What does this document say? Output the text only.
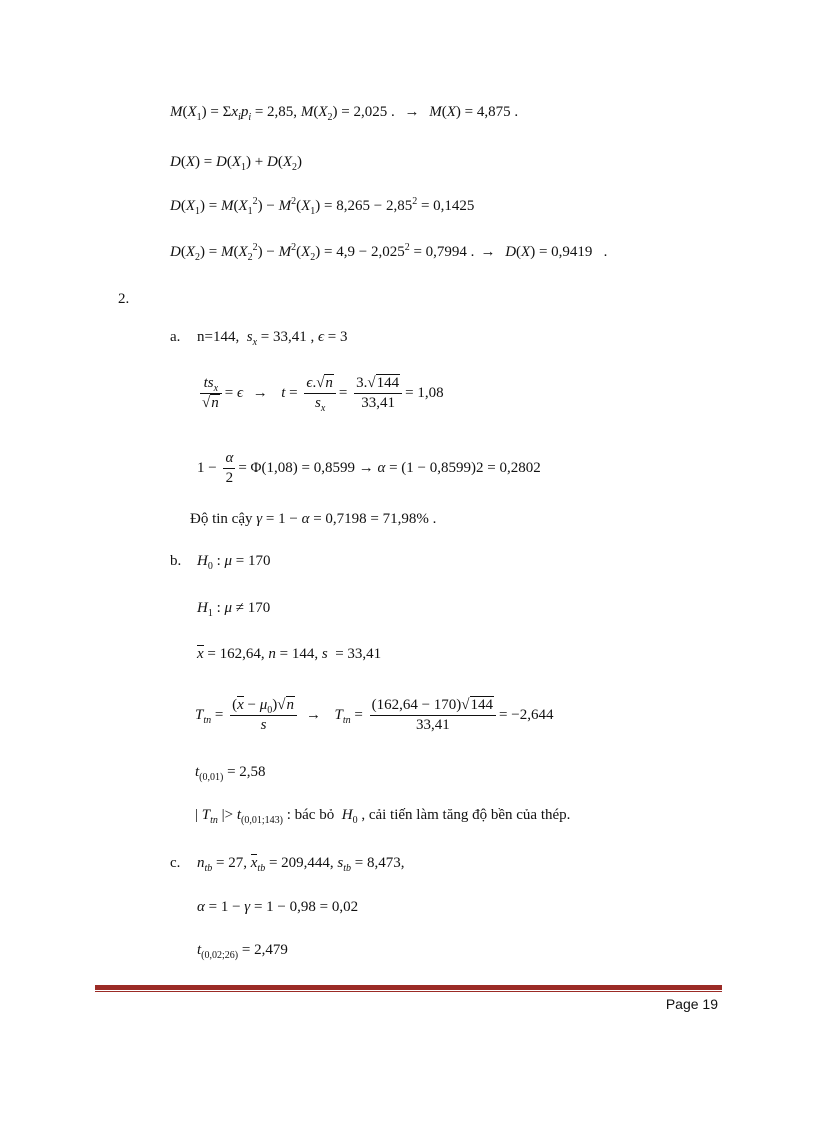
$M(X_1) = \Sigma x_ip_i = 2,85$, $M(X_2) = 2,025$ . → M(X) = 4,875 .
$D(X) = D(X_1) + D(X_2)$
$D(X_1) = M(X_1^2) - M^2(X_1) = 8,265 - 2,85^2 = 0,1425$
$D(X_2) = M(X_2^2) - M^2(X_2) = 4,9 - 2,025^2 = 0,7994$ . → D(X) = 0,9419   .
2.
a. n=144,  $s_x = 33,41$ , ϵ = 3
$\frac{ts_x}{√n} = \epsilon \to t = \frac{\epsilon.√n}{s_x} = \frac{3.√144}{33,41} = 1,08$
$1 - \frac{\alpha}{2} = \Phi(1,08) = 0,8599 \to \alpha = (1 - 0,8599)2 = 0,2802$
Độ tin cậy γ = 1 − α = 0,7198 = 71,98% .
b. $H_0$ : μ = 170
$H_1$ : μ ≠ 170
x = 162,64, n = 144, s  = 33,41
$T_{tn} = \frac{(x - \mu_0)√n}{s} \to T_{tn} = \frac{(162,64 - 170)√144}{33,41} = -2,644$
$t_{(0,01)} = 2,58$
| $T_{tn}$ |> $t_{(0,01;143)}$ : bác bỏ  $H_0$ , cải tiến làm tăng độ bền của thép.
c. $n_{tb} = 27$, $x_{tb} = 209,444$, $s_{tb} = 8,473$,
α = 1 − γ = 1 − 0,98 = 0,02
$t_{(0,02;26)} = 2,479$
Page 19
